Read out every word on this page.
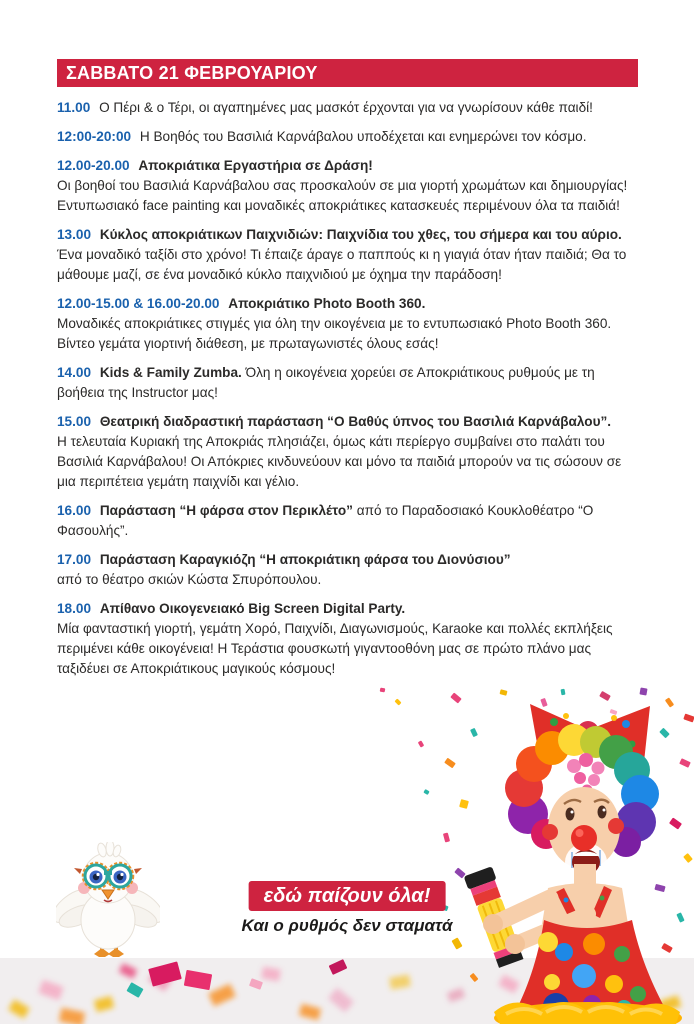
ΣΑΒΒΑΤΟ 21 ΦΕΒΡΟΥΑΡΙΟΥ

11.00 Ο Πέρι & ο Τέρι, οι αγαπημένες μας μασκότ έρχονται για να γνωρίσουν κάθε παιδί!

12:00-20:00 Η Βοηθός του Βασιλιά Καρνάβαλου υποδέχεται και ενημερώνει τον κόσμο.

12.00-20.00 Αποκριάτικα Εργαστήρια σε Δράση!

Οι βοηθοί του Βασιλιά Καρνάβαλου σας προσκαλούν σε μια γιορτή χρωμάτων και δημιουργίας! Εντυπωσιακό face painting και μοναδικές αποκριάτικες κατασκευές περιμένουν όλα τα παιδιά!

13.00 Κύκλος αποκριάτικων Παιχνιδιών: Παιχνίδια του χθες, του σήμερα και του αύριο.

Ένα μοναδικό ταξίδι στο χρόνο! Τι έπαιζε άραγε ο παππούς κι η γιαγιά όταν ήταν παιδιά; Θα το μάθουμε μαζί, σε ένα μοναδικό κύκλο παιχνιδιού με όχημα την παράδοση!

12.00-15.00 & 16.00-20.00 Αποκριάτικο Photo Booth 360.

Μοναδικές αποκριάτικες στιγμές για όλη την οικογένεια με το εντυπωσιακό Photo Booth 360. Βίντεο γεμάτα γιορτινή διάθεση, με πρωταγωνιστές όλους εσάς!

14.00 Kids & Family Zumba. Όλη η οικογένεια χορεύει σε Αποκριάτικους ρυθμούς με τη βοήθεια της Instructor μας!

15.00 Θεατρική διαδραστική παράσταση “Ο Βαθύς ύπνος του Βασιλιά Καρνάβαλου”.

Η τελευταία Κυριακή της Αποκριάς πλησιάζει, όμως κάτι περίεργο συμβαίνει στο παλάτι του Βασιλιά Καρνάβαλου! Οι Απόκριες κινδυνεύουν και μόνο τα παιδιά μπορούν να τις σώσουν σε μια περιπέτεια γεμάτη παιχνίδι και γέλιο.

16.00 Παράσταση “Η φάρσα στον Περικλέτο” από το Παραδοσιακό Κουκλοθέατρο “Ο Φασουλής”.

17.00 Παράσταση Καραγκιόζη “Η αποκριάτικη φάρσα του Διονύσιου”

από το θέατρο σκιών Κώστα Σπυρόπουλου.

18.00 Απίθανο Οικογενειακό Big Screen Digital Party.

Μία φανταστική γιορτή, γεμάτη Χορό, Παιχνίδι, Διαγωνισμούς, Karaoke και πολλές εκπλήξεις περιμένει κάθε οικογένεια! Η Τεράστια φουσκωτή γιγαντοοθόνη μας σε πρώτο πλάνο μας ταξιδέυει σε Αποκριάτικους μαγικούς κόσμους!

εδώ παίζουν όλα!
Και ο ρυθμός δεν σταματά
